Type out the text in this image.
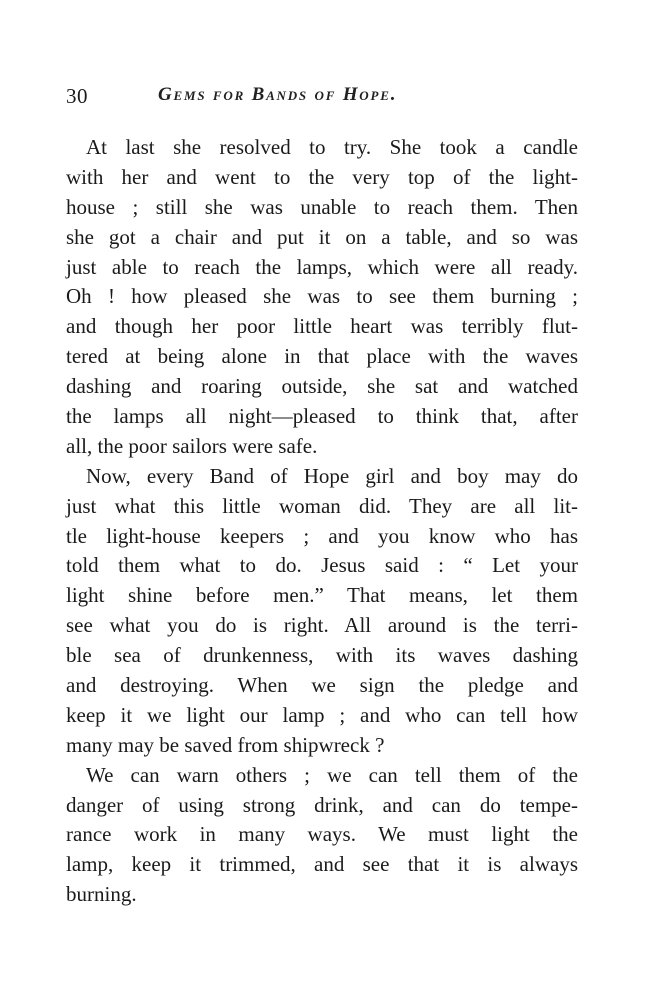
30	Gems for Bands of Hope.
At last she resolved to try. She took a candle
with her and went to the very top of the light-
house ; still she was unable to reach them. Then
she got a chair and put it on a table, and so was
just able to reach the lamps, which were all ready.
Oh ! how pleased she was to see them burning ;
and though her poor little heart was terribly flut-
tered at being alone in that place with the waves
dashing and roaring outside, she sat and watched
the lamps all night—pleased to think that, after
all, the poor sailors were safe.
Now, every Band of Hope girl and boy may do
just what this little woman did. They are all lit-
tle light-house keepers ; and you know who has
told them what to do. Jesus said : “ Let your
light shine before men.” That means, let them
see what you do is right. All around is the terri-
ble sea of drunkenness, with its waves dashing
and destroying. When we sign the pledge and
keep it we light our lamp ; and who can tell how
many may be saved from shipwreck ?
We can warn others ; we can tell them of the
danger of using strong drink, and can do tempe-
rance work in many ways. We must light the
lamp, keep it trimmed, and see that it is always
burning.
